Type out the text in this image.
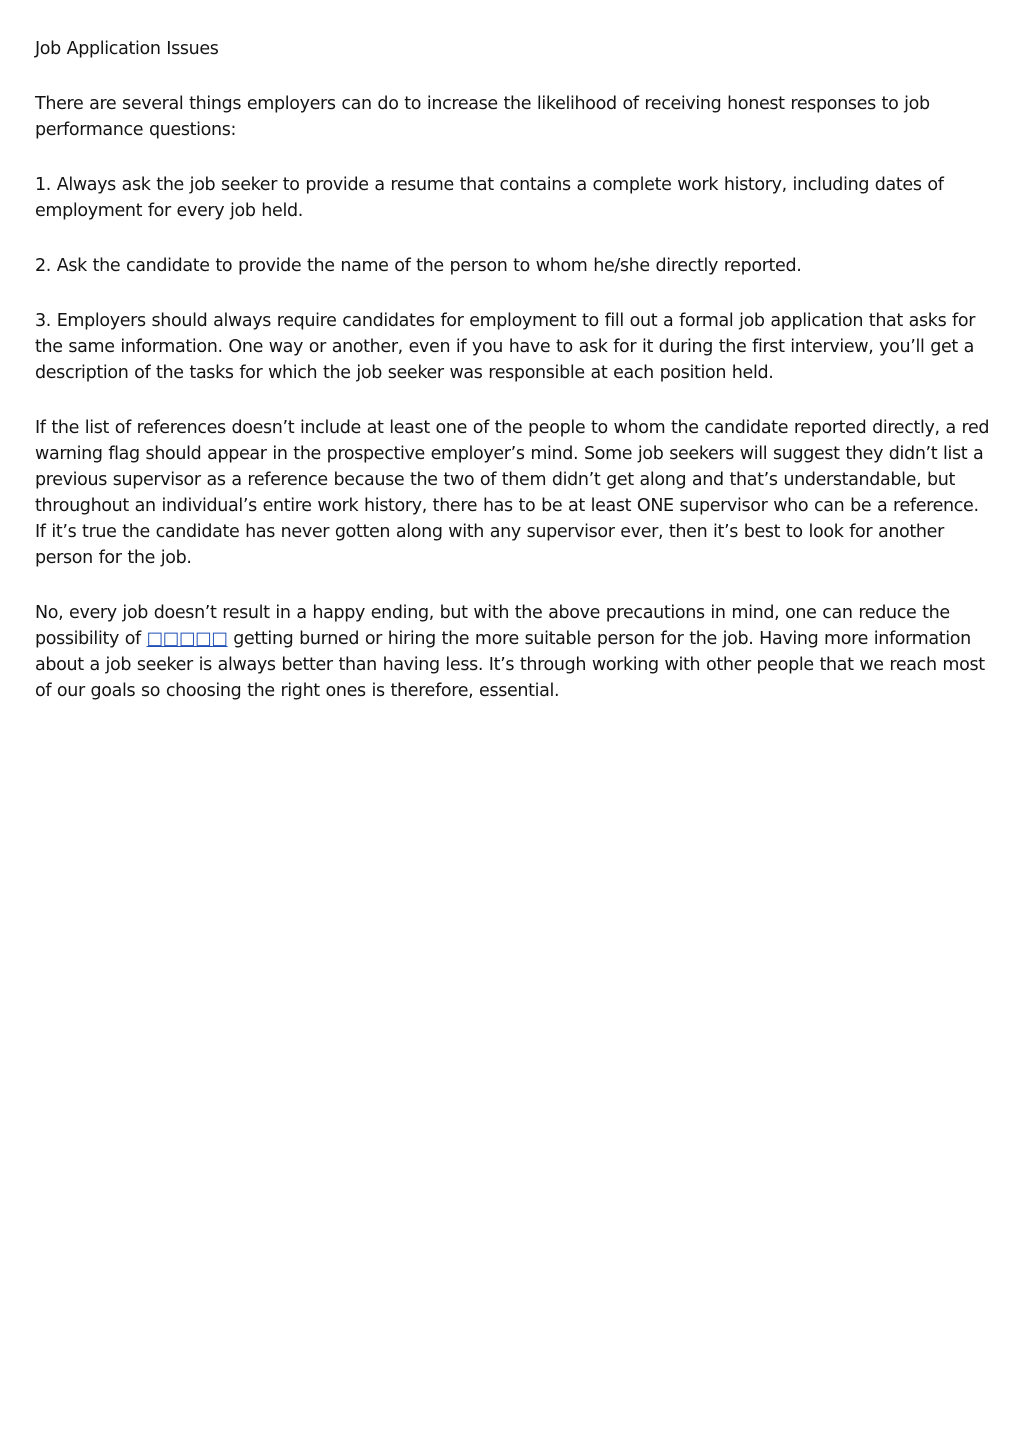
Job Application Issues

There are several things employers can do to increase the likelihood of receiving honest responses to job performance questions:

1. Always ask the job seeker to provide a resume that contains a complete work history, including dates of employment for every job held.

2. Ask the candidate to provide the name of the person to whom he/she directly reported.

3. Employers should always require candidates for employment to fill out a formal job application that asks for the same information. One way or another, even if you have to ask for it during the first interview, you’ll get a description of the tasks for which the job seeker was responsible at each position held.

If the list of references doesn’t include at least one of the people to whom the candidate reported directly, a red warning flag should appear in the prospective employer’s mind. Some job seekers will suggest they didn’t list a previous supervisor as a reference because the two of them didn’t get along and that’s understandable, but throughout an individual’s entire work history, there has to be at least ONE supervisor who can be a reference. If it’s true the candidate has never gotten along with any supervisor ever, then it’s best to look for another person for the job.

No, every job doesn’t result in a happy ending, but with the above precautions in mind, one can reduce the possibility of □□□□□ getting burned or hiring the more suitable person for the job. Having more information about a job seeker is always better than having less. It’s through working with other people that we reach most of our goals so choosing the right ones is therefore, essential.
